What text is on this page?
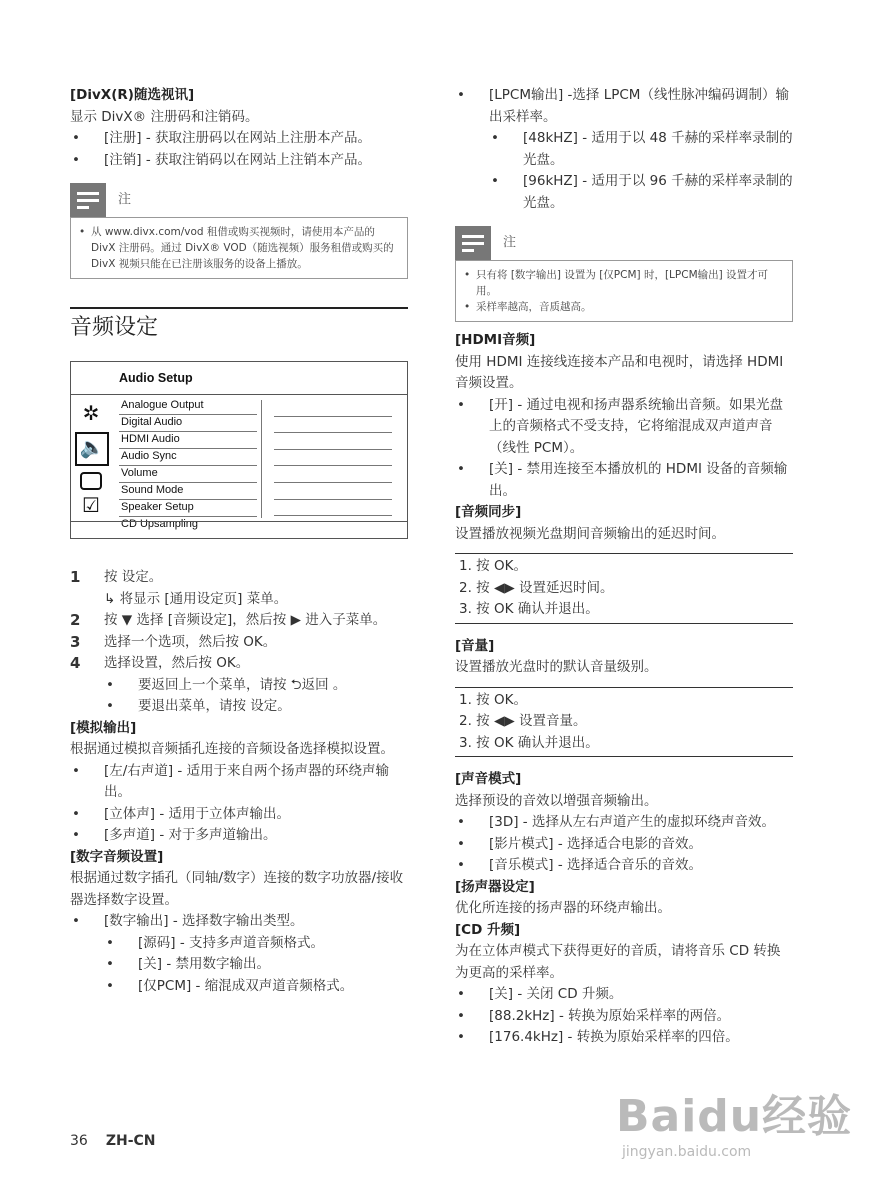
[DivX(R)随选视讯]

显示 DivX® 注册码和注销码。

• [注册] - 获取注册码以在网站上注册本产品。

• [注销] - 获取注销码以在网站上注销本产品。

注

• 从 www.divx.com/vod 租借或购买视频时，请使用本产品的 DivX 注册码。通过 DivX® VOD（随选视频）服务租借或购买的 DivX 视频只能在已注册该服务的设备上播放。

音频设定
Audio Setup
✲
🔈
☑
Analogue Output
Digital Audio
HDMI Audio
Audio Sync
Volume
Sound Mode
Speaker Setup
CD Upsampling
1	按 设定。

↳ 将显示 [通用设定页] 菜单。

2	按 ▼ 选择 [音频设定]，然后按 ▶ 进入子菜单。
3	选择一个选项，然后按 OK。
4	选择设置，然后按 OK。

• 要返回上一个菜单，请按 ⮌返回 。

• 要退出菜单，请按 设定。

[模拟输出]

根据通过模拟音频插孔连接的音频设备选择模拟设置。

• [左/右声道] - 适用于来自两个扬声器的环绕声输出。

• [立体声] - 适用于立体声输出。

• [多声道] - 对于多声道输出。

[数字音频设置]

根据通过数字插孔（同轴/数字）连接的数字功放器/接收器选择数字设置。

• [数字输出] - 选择数字输出类型。

• [源码] - 支持多声道音频格式。

• [关] - 禁用数字输出。

• [仅PCM] - 缩混成双声道音频格式。

• [LPCM输出] -选择 LPCM（线性脉冲编码调制）输出采样率。

• [48kHZ] - 适用于以 48 千赫的采样率录制的光盘。

• [96kHZ] - 适用于以 96 千赫的采样率录制的光盘。

注

• 只有将 [数字输出] 设置为 [仅PCM] 时，[LPCM输出] 设置才可用。

• 采样率越高，音质越高。

[HDMI音频]

使用 HDMI 连接线连接本产品和电视时，请选择 HDMI 音频设置。

• [开] - 通过电视和扬声器系统输出音频。如果光盘上的音频格式不受支持，它将缩混成双声道声音（线性 PCM）。

• [关] - 禁用连接至本播放机的 HDMI 设备的音频输出。

[音频同步]

设置播放视频光盘期间音频输出的延迟时间。

1. 按 OK。

2. 按 ◀▶ 设置延迟时间。

3. 按 OK 确认并退出。

[音量]

设置播放光盘时的默认音量级别。

1. 按 OK。

2. 按 ◀▶ 设置音量。

3. 按 OK 确认并退出。

[声音模式]

选择预设的音效以增强音频输出。

• [3D] - 选择从左右声道产生的虚拟环绕声音效。

• [影片模式] - 选择适合电影的音效。

• [音乐模式] - 选择适合音乐的音效。

[扬声器设定]

优化所连接的扬声器的环绕声输出。

[CD 升频]

为在立体声模式下获得更好的音质，请将音乐 CD 转换为更高的采样率。

• [关] - 关闭 CD 升频。

• [88.2kHz] - 转换为原始采样率的两倍。

• [176.4kHz] - 转换为原始采样率的四倍。

36 ZH-CN	Baidu经验
jingyan.baidu.com
